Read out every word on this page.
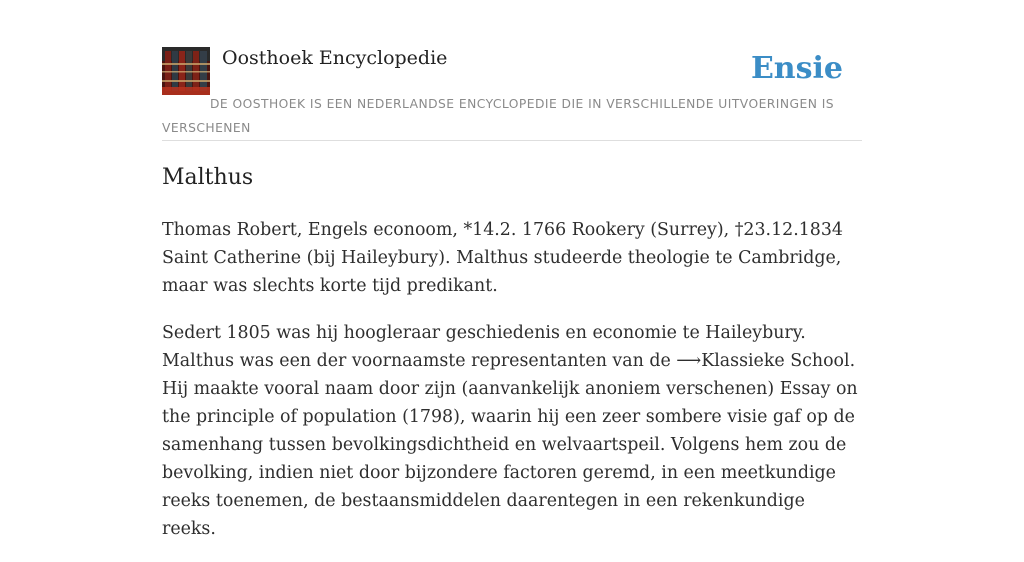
Oosthoek Encyclopedie	Ensie
DE OOSTHOEK IS EEN NEDERLANDSE ENCYCLOPEDIE DIE IN VERSCHILLENDE UITVOERINGEN IS VERSCHENEN
Malthus

Thomas Robert, Engels econoom, *14.2. 1766 Rookery (Surrey), †23.12.1834 Saint Catherine (bij Haileybury). Malthus studeerde theologie te Cambridge, maar was slechts korte tijd predikant.

Sedert 1805 was hij hoogleraar geschiedenis en economie te Haileybury. Malthus was een der voornaamste representanten van de ⟶Klassieke School. Hij maakte vooral naam door zijn (aanvankelijk anoniem verschenen) Essay on the principle of population (1798), waarin hij een zeer sombere visie gaf op de samenhang tussen bevolkingsdichtheid en welvaartspeil. Volgens hem zou de bevolking, indien niet door bijzondere factoren geremd, in een meetkundige reeks toenemen, de bestaansmiddelen daarentegen in een rekenkundige reeks.
